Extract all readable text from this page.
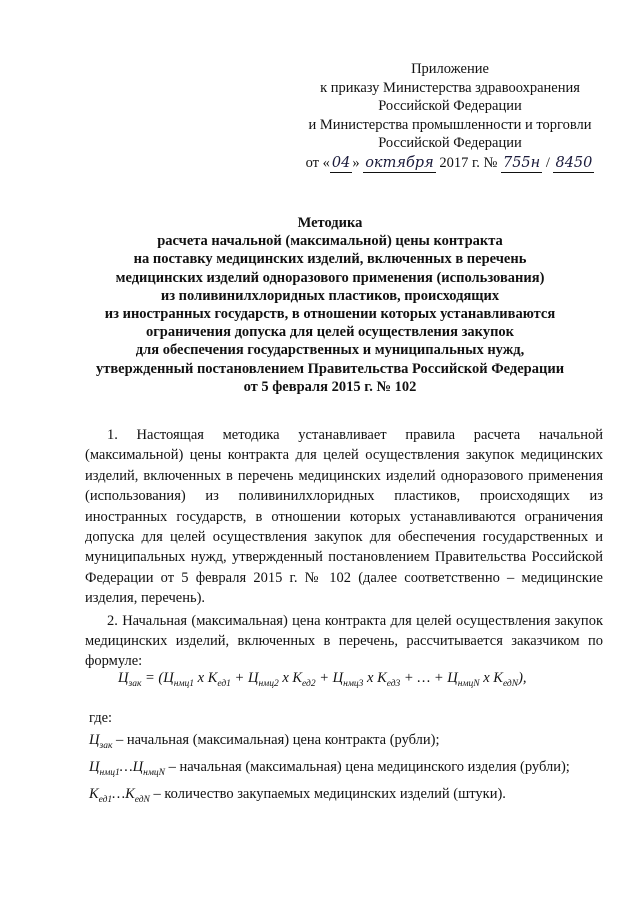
Приложение
к приказу Министерства здравоохранения
Российской Федерации
и Министерства промышленности и торговли
Российской Федерации
от « 04 » октября 2017 г. № 755н / 8450
Методика
расчета начальной (максимальной) цены контракта
на поставку медицинских изделий, включенных в перечень
медицинских изделий одноразового применения (использования)
из поливинилхлоридных пластиков, происходящих
из иностранных государств, в отношении которых устанавливаются
ограничения допуска для целей осуществления закупок
для обеспечения государственных и муниципальных нужд,
утвержденный постановлением Правительства Российской Федерации
от 5 февраля 2015 г. № 102

1. Настоящая методика устанавливает правила расчета начальной (максимальной) цены контракта для целей осуществления закупок медицинских изделий, включенных в перечень медицинских изделий одноразового применения (использования) из поливинилхлоридных пластиков, происходящих из иностранных государств, в отношении которых устанавливаются ограничения допуска для целей осуществления закупок для обеспечения государственных и муниципальных нужд, утвержденный постановлением Правительства Российской Федерации от 5 февраля 2015 г. № 102 (далее соответственно – медицинские изделия, перечень).

2. Начальная (максимальная) цена контракта для целей осуществления закупок медицинских изделий, включенных в перечень, рассчитывается заказчиком по формуле:

$Ц_{зак} = (Ц_{нмц1}$ x $К_{ед1} + Ц_{нмц2}$ x $К_{ед2} + Ц_{нмц3}$ x $К_{ед3}$ + … + $Ц_{нмцN}$ x $К_{едN}$),
где:
$Ц_{зак}$ – начальная (максимальная) цена контракта (рубли);
$Ц_{нмц1}\dots Ц_{нмцN}$ – начальная (максимальная) цена медицинского изделия (рубли);
$К_{ед1}\dots К_{едN}$ – количество закупаемых медицинских изделий (штуки).
